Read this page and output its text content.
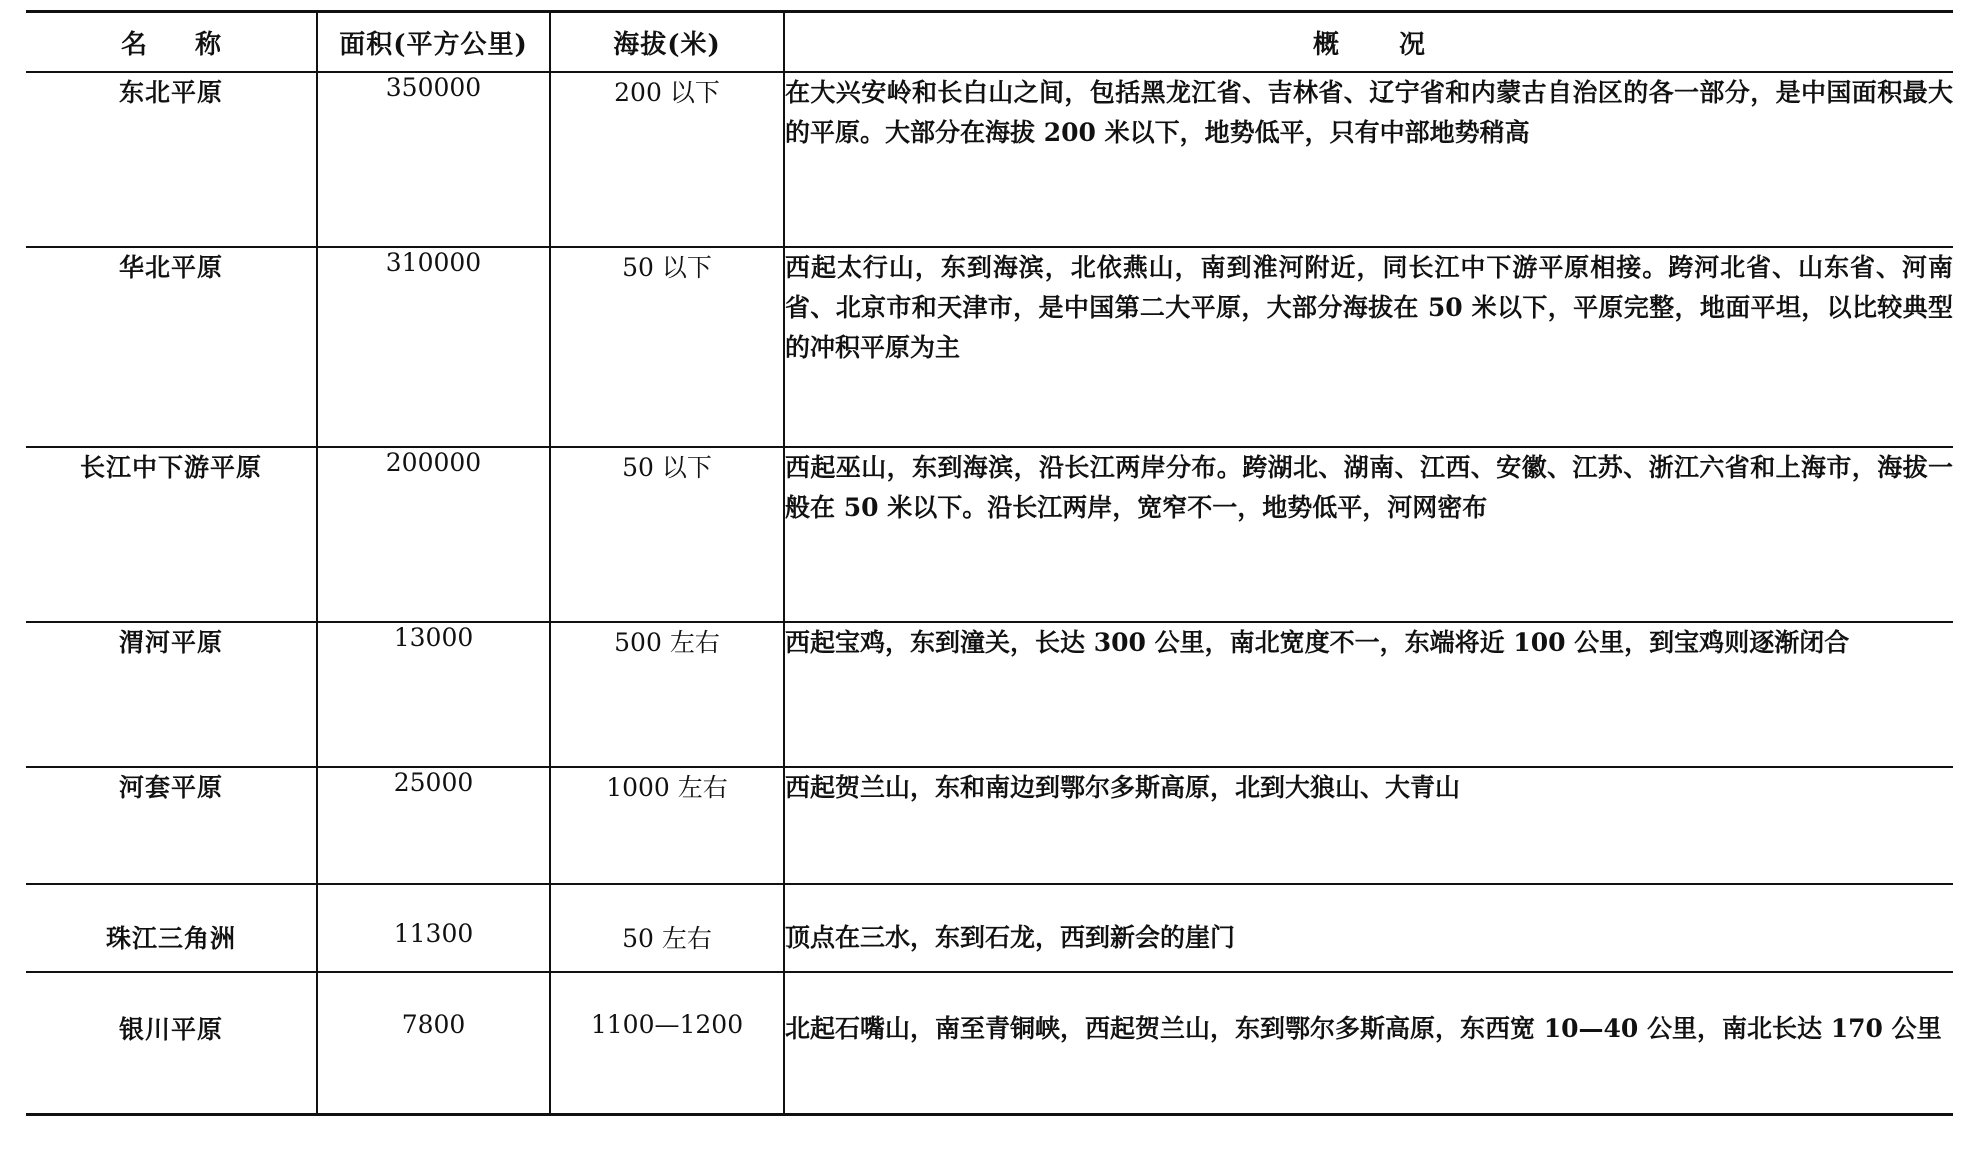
名称	面积(平方公里)	海拔(米)	概况
东北平原	350000	200 以下	在大兴安岭和长白山之间，包括黑龙江省、吉林省、辽宁省和内蒙古自治区的各一部分，是中国面积最大的平原。大部分在海拔 200 米以下，地势低平，只有中部地势稍高
华北平原	310000	50 以下	西起太行山，东到海滨，北依燕山，南到淮河附近，同长江中下游平原相接。跨河北省、山东省、河南省、北京市和天津市，是中国第二大平原，大部分海拔在 50 米以下，平原完整，地面平坦，以比较典型的冲积平原为主
长江中下游平原	200000	50 以下	西起巫山，东到海滨，沿长江两岸分布。跨湖北、湖南、江西、安徽、江苏、浙江六省和上海市，海拔一般在 50 米以下。沿长江两岸，宽窄不一，地势低平，河网密布
渭河平原	13000	500 左右	西起宝鸡，东到潼关，长达 300 公里，南北宽度不一，东端将近 100 公里，到宝鸡则逐渐闭合
河套平原	25000	1000 左右	西起贺兰山，东和南边到鄂尔多斯高原，北到大狼山、大青山
珠江三角洲	11300	50 左右	顶点在三水，东到石龙，西到新会的崖门
银川平原	7800	1100—1200	北起石嘴山，南至青铜峡，西起贺兰山，东到鄂尔多斯高原，东西宽 10—40 公里，南北长达 170 公里
